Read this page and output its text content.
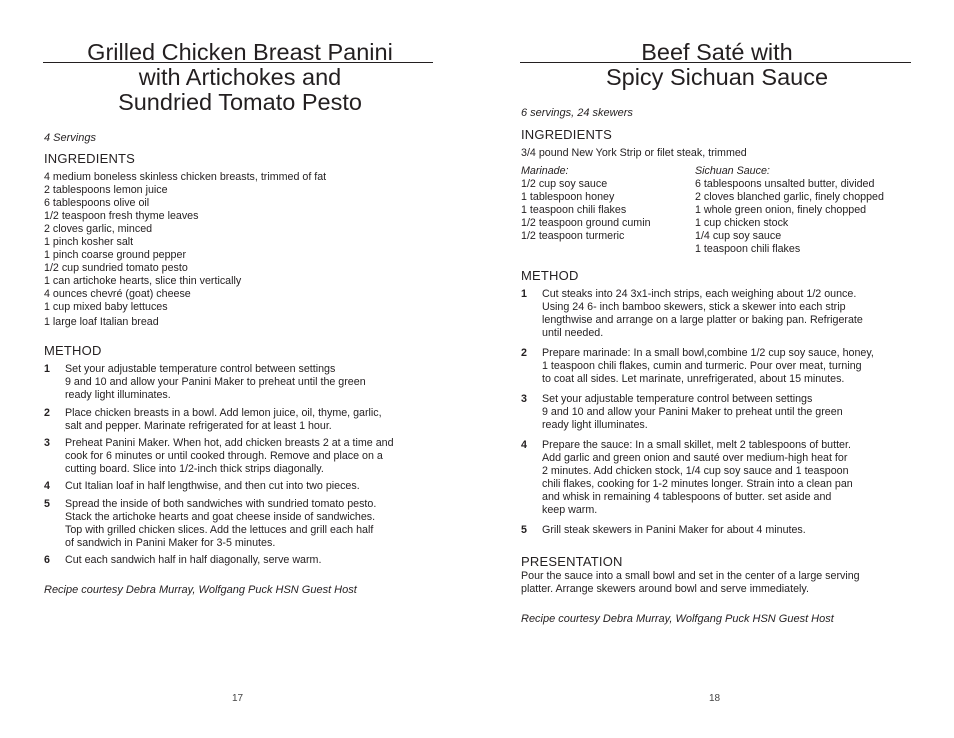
Grilled Chicken Breast Panini
with Artichokes and
Sundried Tomato Pesto
4 Servings
INGREDIENTS
4 medium boneless skinless chicken breasts, trimmed of fat
2 tablespoons lemon juice
6 tablespoons olive oil
1/2 teaspoon fresh thyme leaves
2 cloves garlic, minced
1 pinch kosher salt
1 pinch coarse ground pepper
1/2 cup sundried tomato pesto
1 can artichoke hearts, slice thin vertically
4 ounces chevré (goat) cheese
1 cup mixed baby lettuces
1 large loaf Italian bread
METHOD
1 Set your adjustable temperature control between settings
9 and 10 and allow your Panini Maker to preheat until the green
ready light illuminates.
2 Place chicken breasts in a bowl. Add lemon juice, oil, thyme, garlic,
salt and pepper. Marinate refrigerated for at least 1 hour.
3 Preheat Panini Maker. When hot, add chicken breasts 2 at a time and
cook for 6 minutes or until cooked through. Remove and place on a
cutting board. Slice into 1/2-inch thick strips diagonally.
4 Cut Italian loaf in half lengthwise, and then cut into two pieces.
5 Spread the inside of both sandwiches with sundried tomato pesto.
Stack the artichoke hearts and goat cheese inside of sandwiches.
Top with grilled chicken slices. Add the lettuces and grill each half
of sandwich in Panini Maker for 3-5 minutes.
6 Cut each sandwich half in half diagonally, serve warm.
Recipe courtesy Debra Murray, Wolfgang Puck HSN Guest Host
17
Beef Saté with
Spicy Sichuan Sauce
6 servings, 24 skewers
INGREDIENTS
3/4 pound New York Strip or filet steak, trimmed
Marinade:
1/2 cup soy sauce
1 tablespoon honey
1 teaspoon chili flakes
1/2 teaspoon ground cumin
1/2 teaspoon turmeric
Sichuan Sauce:
6 tablespoons unsalted butter, divided
2 cloves blanched garlic, finely chopped
1 whole green onion, finely chopped
1 cup chicken stock
1/4 cup soy sauce
1 teaspoon chili flakes
METHOD
1 Cut steaks into 24 3x1-inch strips, each weighing about 1/2 ounce.
Using 24 6- inch bamboo skewers, stick a skewer into each strip
lengthwise and arrange on a large platter or baking pan. Refrigerate
until needed.
2 Prepare marinade: In a small bowl,combine 1/2 cup soy sauce, honey,
1 teaspoon chili flakes, cumin and turmeric. Pour over meat, turning
to coat all sides. Let marinate, unrefrigerated, about 15 minutes.
3 Set your adjustable temperature control between settings
9 and 10 and allow your Panini Maker to preheat until the green
ready light illuminates.
4 Prepare the sauce: In a small skillet, melt 2 tablespoons of butter.
Add garlic and green onion and sauté over medium-high heat for
2 minutes. Add chicken stock, 1/4 cup soy sauce and 1 teaspoon
chili flakes, cooking for 1-2 minutes longer. Strain into a clean pan
and whisk in remaining 4 tablespoons of butter. set aside and
keep warm.
5 Grill steak skewers in Panini Maker for about 4 minutes.
PRESENTATION
Pour the sauce into a small bowl and set in the center of a large serving
platter. Arrange skewers around bowl and serve immediately.
Recipe courtesy Debra Murray, Wolfgang Puck HSN Guest Host
18
